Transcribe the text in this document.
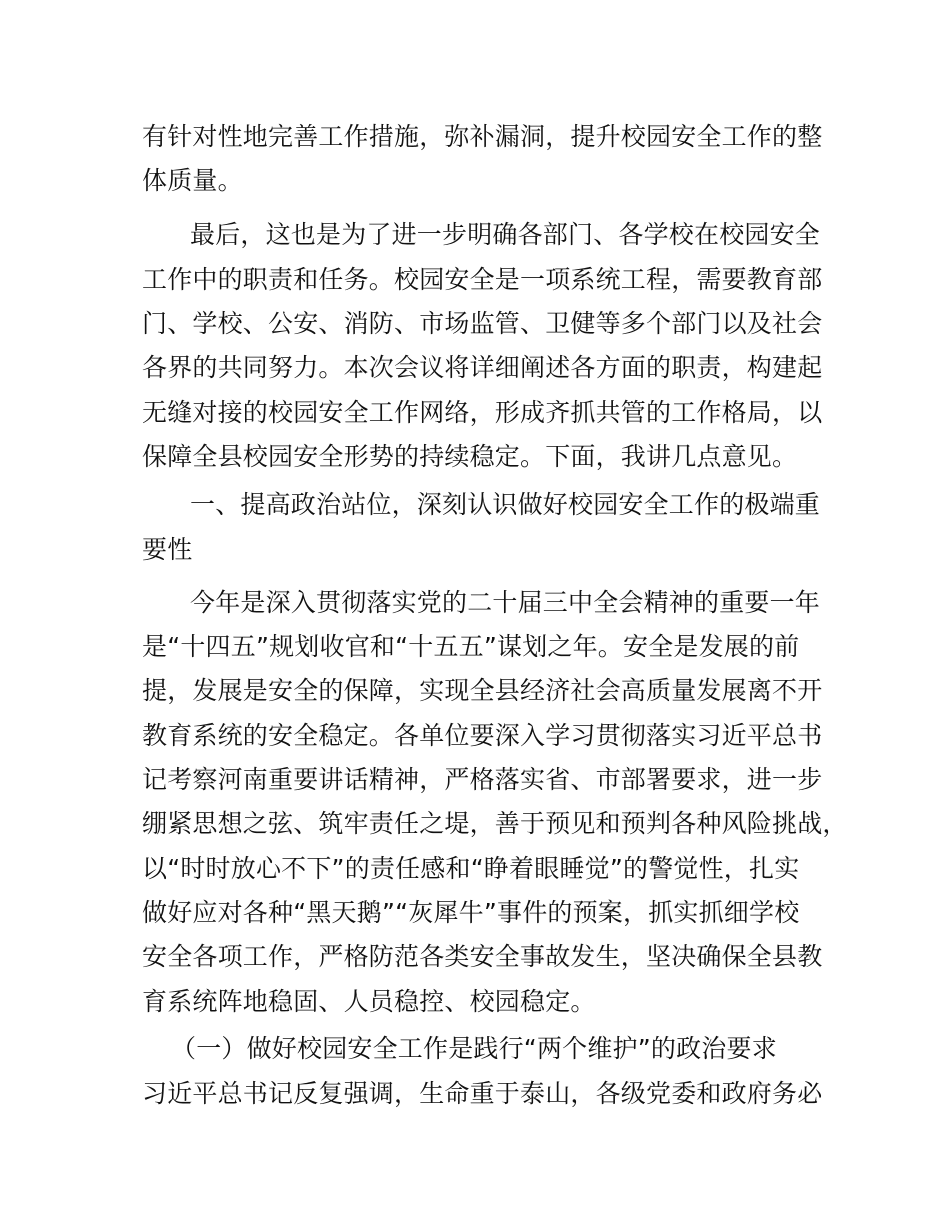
有针对性地完善工作措施，弥补漏洞，提升校园安全工作的整
体质量。
最后，这也是为了进一步明确各部门、各学校在校园安全
工作中的职责和任务。校园安全是一项系统工程，需要教育部
门、学校、公安、消防、市场监管、卫健等多个部门以及社会
各界的共同努力。本次会议将详细阐述各方面的职责，构建起
无缝对接的校园安全工作网络，形成齐抓共管的工作格局，以
保障全县校园安全形势的持续稳定。下面，我讲几点意见。
一、提高政治站位，深刻认识做好校园安全工作的极端重
要性
今年是深入贯彻落实党的二十届三中全会精神的重要一年
是“十四五”规划收官和“十五五”谋划之年。安全是发展的前
提，发展是安全的保障，实现全县经济社会高质量发展离不开
教育系统的安全稳定。各单位要深入学习贯彻落实习近平总书
记考察河南重要讲话精神，严格落实省、市部署要求，进一步
绷紧思想之弦、筑牢责任之堤，善于预见和预判各种风险挑战，
以“时时放心不下”的责任感和“睁着眼睡觉”的警觉性，扎实
做好应对各种“黑天鹅”“灰犀牛”事件的预案，抓实抓细学校
安全各项工作，严格防范各类安全事故发生，坚决确保全县教
育系统阵地稳固、人员稳控、校园稳定。
（一）做好校园安全工作是践行“两个维护”的政治要求
习近平总书记反复强调，生命重于泰山，各级党委和政府务必
